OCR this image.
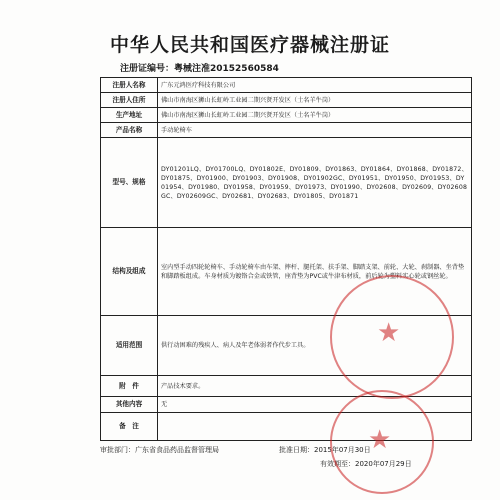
中华人民共和国医疗器械注册证
注册证编号：粤械注准20152560584
注册人名称	广东元鸿医疗科技有限公司
注册人住所	佛山市南海区狮山长虹岭工业园二期兴贤开发区（土名羊牛岗）
生产地址	佛山市南海区狮山长虹岭工业园二期兴贤开发区（土名羊牛岗）
产品名称	手动轮椅车
型号、规格	DY01201LQ、DY01700LQ、DY01802E、DY01809、DY01863、DY01864、DY01868、DY01872、DY01875、DY01900、DY01903、DY01908、DY01902GC、DY01951、DY01950、DY01953、DY01954、DY01980、DY01958、DY01959、DY01973、DY01990、DY02608、DY02609、DY02608GC、DY02609GC、DY02681、DY02683、DY01805、DY01871
结构及组成	室内型手动四轮轮椅车、手动轮椅车由车架、摔杆、腿托架、扶手架、脚踏支架、前轮、大轮、刹制器、坐背垫和脚踏板组成。车身材质为镀铬合金或铁管，座背垫为PVC或牛津布材质，前后轮为塑料实心轮或钢丝轮。
适用范围	供行动困难的残疾人、病人及年老体弱者作代步工具。
附　件	产品技术要求。
其他内容	无
备　注	
审批部门： 广东省食品药品监督管理局	批准日期： 2015年07月30日
有效期至： 2020年07月29日
★
★
